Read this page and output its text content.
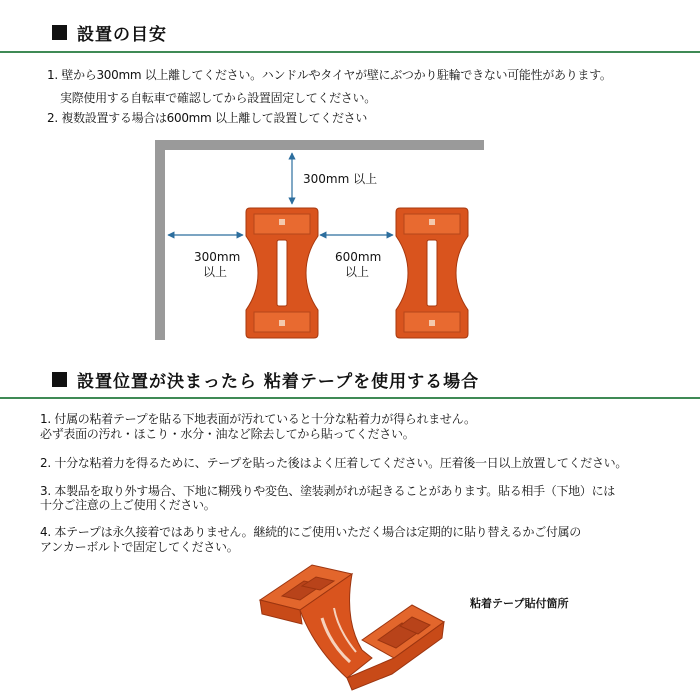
設置の目安
1. 壁から300mm 以上離してください。ハンドルやタイヤが壁にぶつかり駐輪できない可能性があります。
実際使用する自転車で確認してから設置固定してください。
2. 複数設置する場合は600mm 以上離して設置してください
300mm 以上
300mm
以上
600mm
以上
設置位置が決まったら 粘着テープを使用する場合
1. 付属の粘着テープを貼る下地表面が汚れていると十分な粘着力が得られません。
必ず表面の汚れ・ほこり・水分・油など除去してから貼ってください。
2. 十分な粘着力を得るために、テープを貼った後はよく圧着してください。圧着後一日以上放置してください。
3. 本製品を取り外す場合、下地に糊残りや変色、塗装剥がれが起きることがあります。貼る相手（下地）には
十分ご注意の上ご使用ください。
4. 本テープは永久接着ではありません。継続的にご使用いただく場合は定期的に貼り替えるかご付属の
アンカーボルトで固定してください。
粘着テープ貼付箇所
